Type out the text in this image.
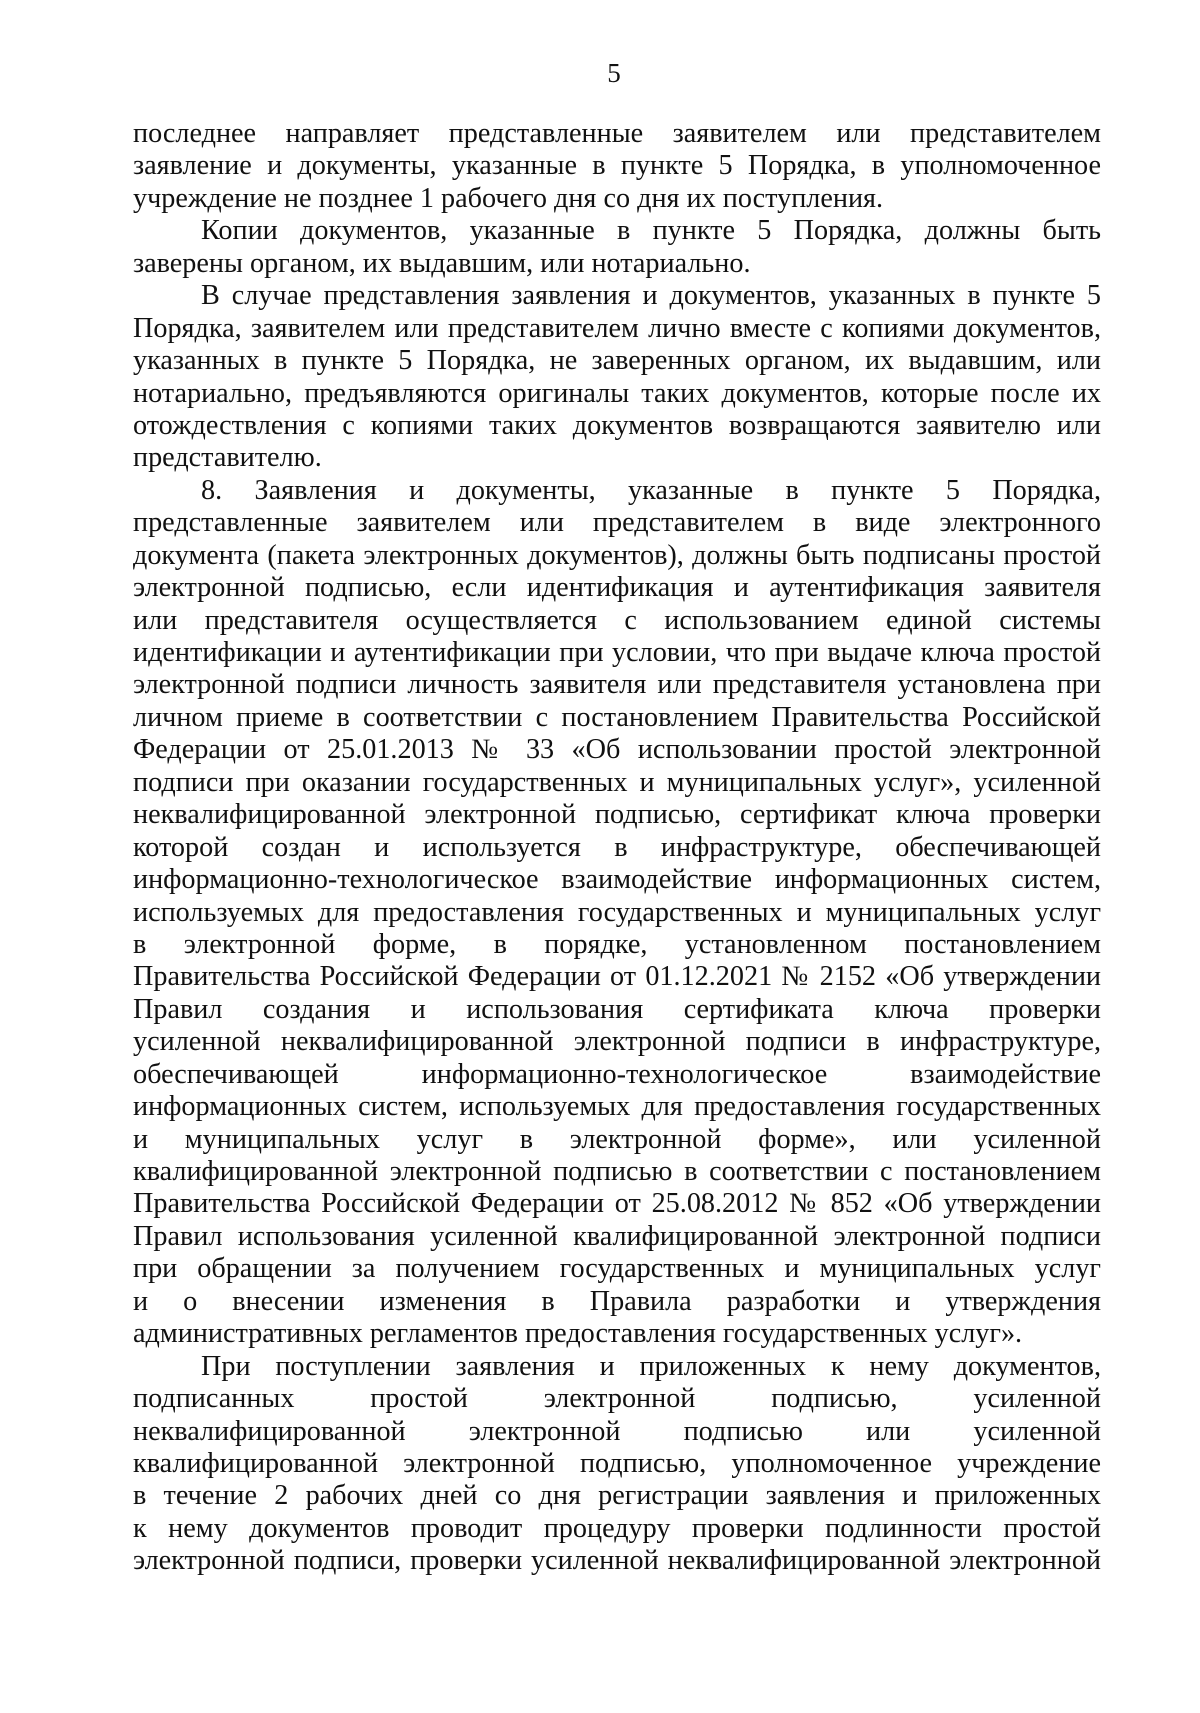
5
последнее направляет представленные заявителем или представителем
заявление и документы, указанные в пункте 5 Порядка, в уполномоченное
учреждение не позднее 1 рабочего дня со дня их поступления.
Копии документов, указанные в пункте 5 Порядка, должны быть
заверены органом, их выдавшим, или нотариально.
В случае представления заявления и документов, указанных в пункте 5
Порядка, заявителем или представителем лично вместе с копиями документов,
указанных в пункте 5 Порядка, не заверенных органом, их выдавшим, или
нотариально, предъявляются оригиналы таких документов, которые после их
отождествления с копиями таких документов возвращаются заявителю или
представителю.
8. Заявления и документы, указанные в пункте 5 Порядка,
представленные заявителем или представителем в виде электронного
документа (пакета электронных документов), должны быть подписаны простой
электронной подписью, если идентификация и аутентификация заявителя
или представителя осуществляется с использованием единой системы
идентификации и аутентификации при условии, что при выдаче ключа простой
электронной подписи личность заявителя или представителя установлена при
личном приеме в соответствии с постановлением Правительства Российской
Федерации от 25.01.2013 № 33 «Об использовании простой электронной
подписи при оказании государственных и муниципальных услуг», усиленной
неквалифицированной электронной подписью, сертификат ключа проверки
которой создан и используется в инфраструктуре, обеспечивающей
информационно-технологическое взаимодействие информационных систем,
используемых для предоставления государственных и муниципальных услуг
в электронной форме, в порядке, установленном постановлением
Правительства Российской Федерации от 01.12.2021 № 2152 «Об утверждении
Правил создания и использования сертификата ключа проверки
усиленной неквалифицированной электронной подписи в инфраструктуре,
обеспечивающей информационно-технологическое взаимодействие
информационных систем, используемых для предоставления государственных
и муниципальных услуг в электронной форме», или усиленной
квалифицированной электронной подписью в соответствии с постановлением
Правительства Российской Федерации от 25.08.2012 № 852 «Об утверждении
Правил использования усиленной квалифицированной электронной подписи
при обращении за получением государственных и муниципальных услуг
и о внесении изменения в Правила разработки и утверждения
административных регламентов предоставления государственных услуг».
При поступлении заявления и приложенных к нему документов,
подписанных простой электронной подписью, усиленной
неквалифицированной электронной подписью или усиленной
квалифицированной электронной подписью, уполномоченное учреждение
в течение 2 рабочих дней со дня регистрации заявления и приложенных
к нему документов проводит процедуру проверки подлинности простой
электронной подписи, проверки усиленной неквалифицированной электронной
